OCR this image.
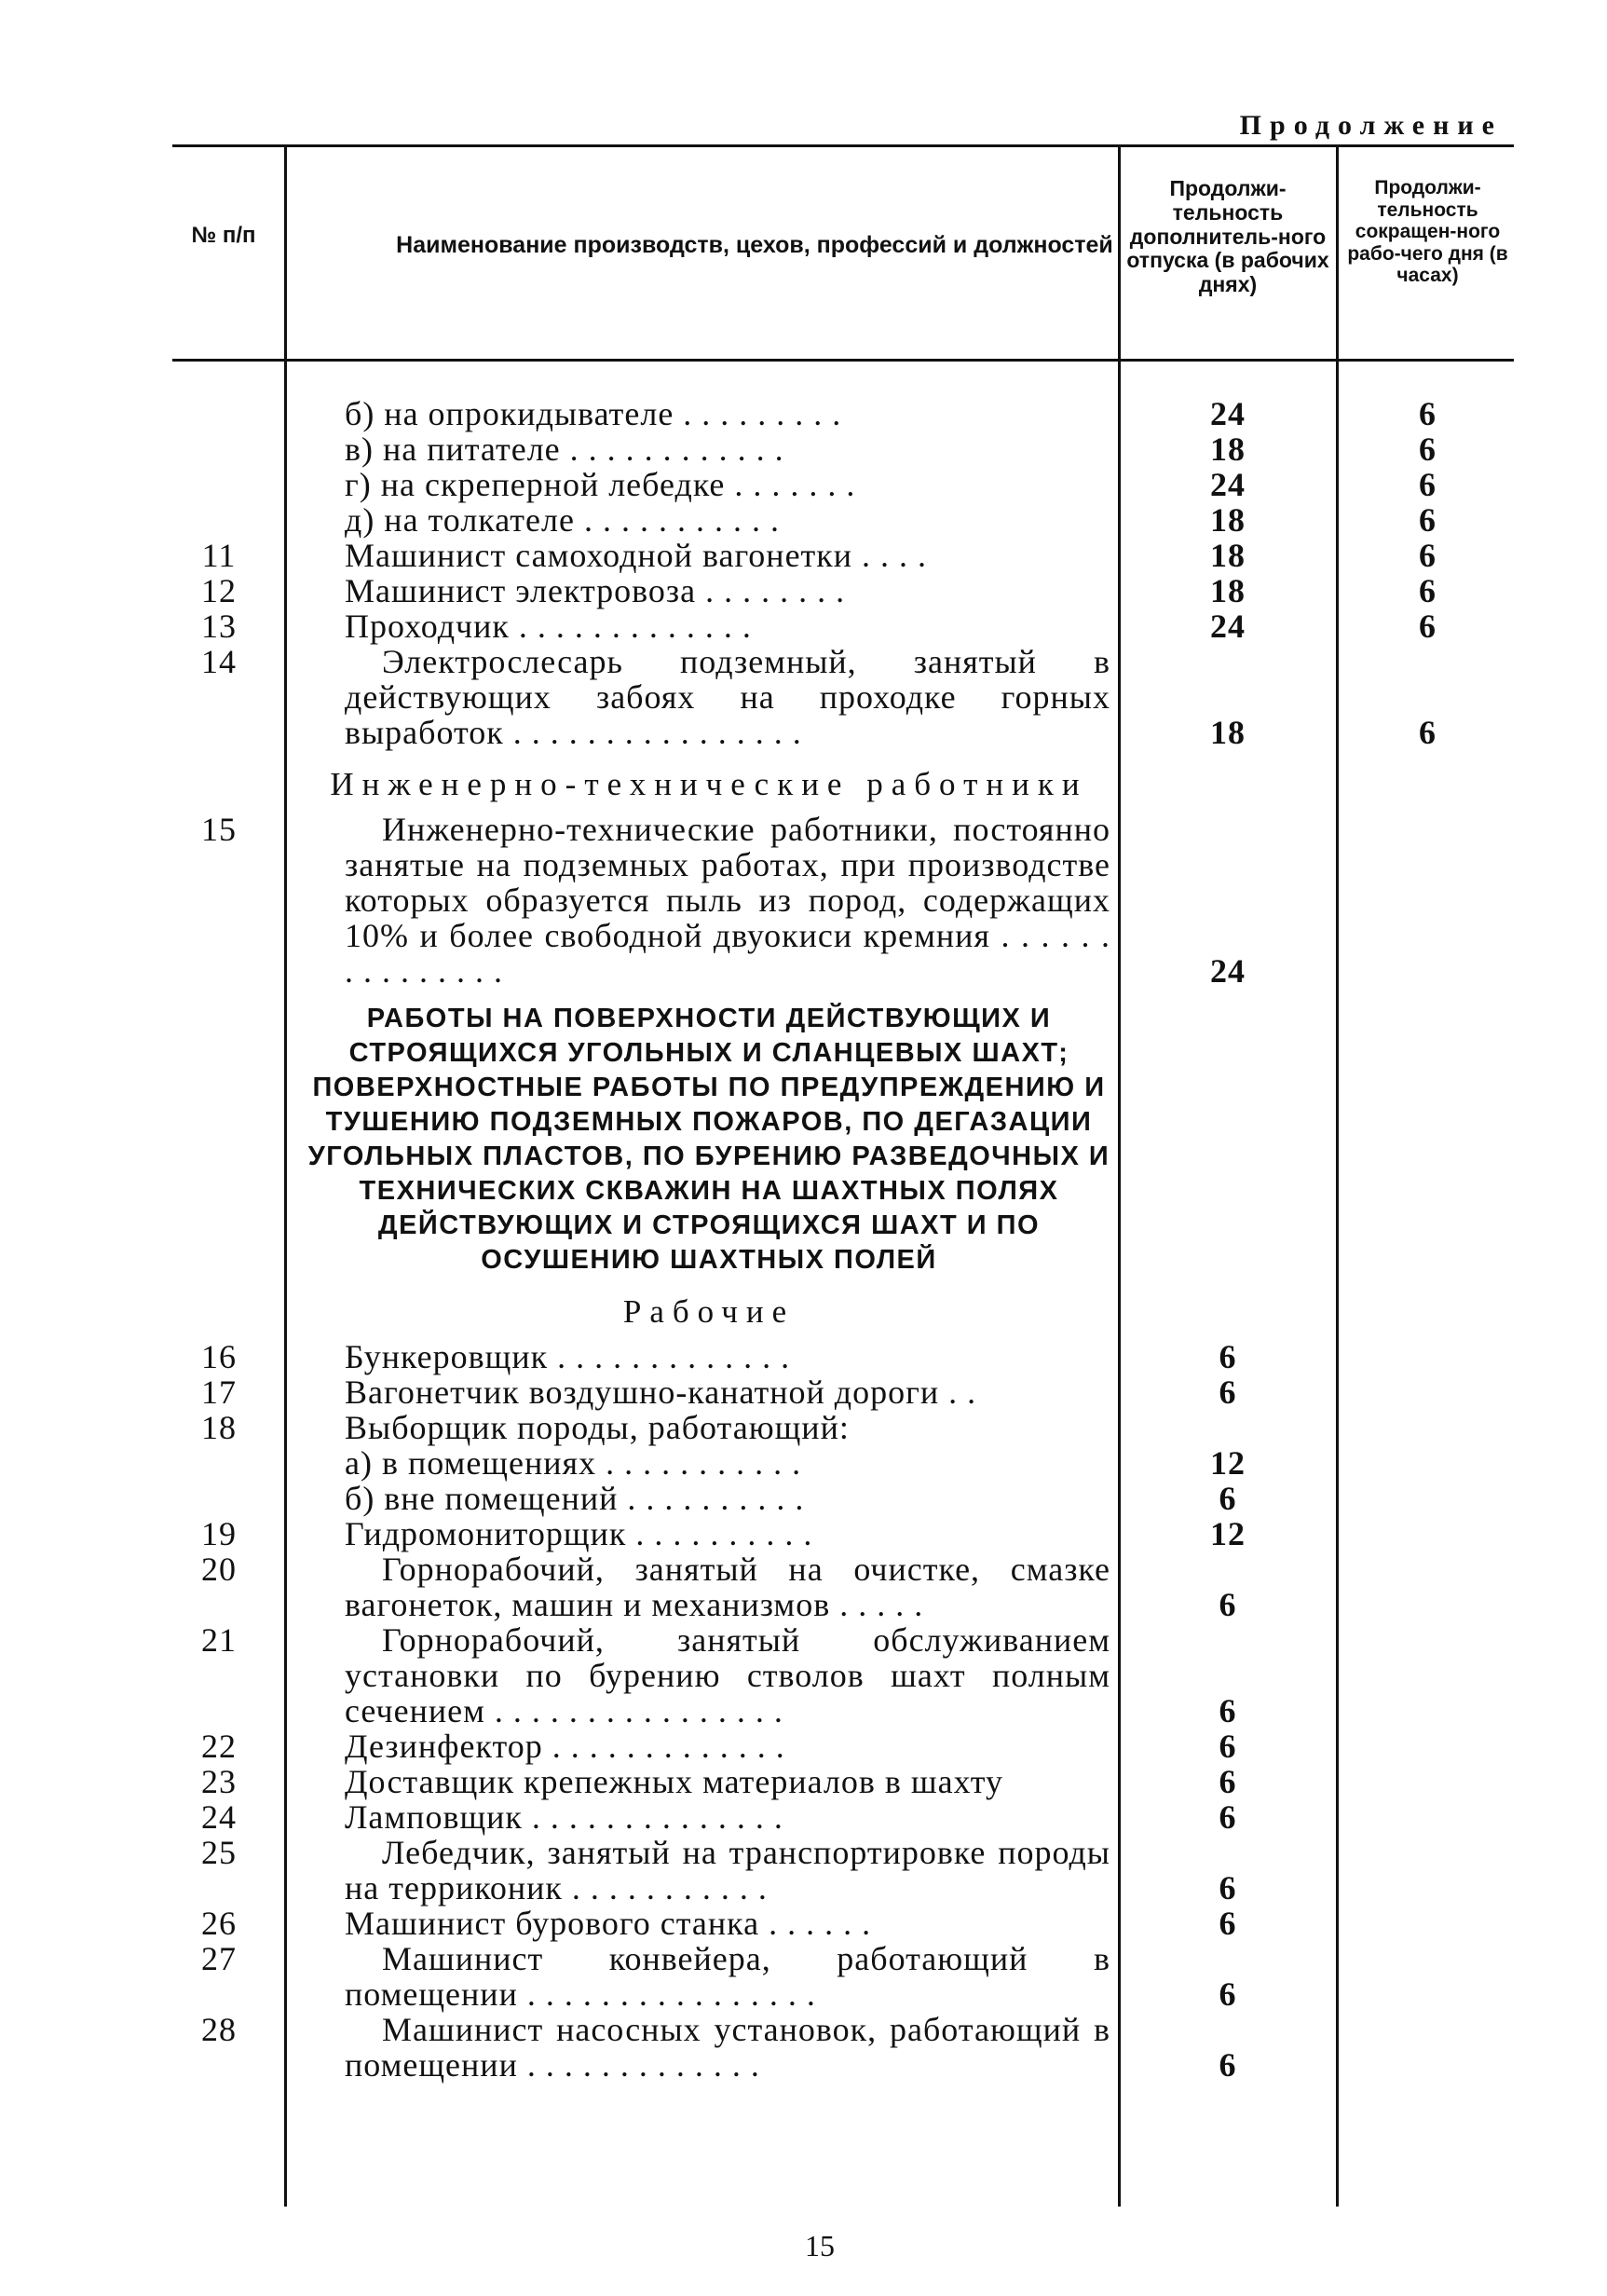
Продолжение
№ п/п	Наименование производств, цехов, профессий и должностей
Продолжи-тельность дополнитель-ного отпуска (в рабочих днях)
Продолжи-тельность сокращен-ного рабо-чего дня (в часах)
б) на опрокидывателе . . . . . . . . .	24	6
в) на питателе . . . . . . . . . . . .	18	6
г) на скреперной лебедке . . . . . . .	24	6
д) на толкателе . . . . . . . . . . .	18	6
11	Машинист самоходной вагонетки . . . .	18	6
12	Машинист электровоза . . . . . . . .	18	6
13	Проходчик . . . . . . . . . . . . .	24	6
14	Электрослесарь подземный, занятый в действующих забоях на проходке горных выработок . . . . . . . . . . . . . . . .	18	6
Инженерно-технические работники
15	Инженерно-технические работники, постоянно занятые на подземных работах, при производстве которых образуется пыль из пород, содержащих 10% и более свободной двуокиси кремния . . . . . . . . . . . . . . .	24
РАБОТЫ НА ПОВЕРХНОСТИ ДЕЙСТВУЮЩИХ И СТРОЯЩИХСЯ УГОЛЬНЫХ И СЛАНЦЕВЫХ ШАХТ; ПОВЕРХНОСТНЫЕ РАБОТЫ ПО ПРЕДУПРЕЖДЕНИЮ И ТУШЕНИЮ ПОДЗЕМНЫХ ПОЖАРОВ, ПО ДЕГАЗАЦИИ УГОЛЬНЫХ ПЛАСТОВ, ПО БУРЕНИЮ РАЗВЕДОЧНЫХ И ТЕХНИЧЕСКИХ СКВАЖИН НА ШАХТНЫХ ПОЛЯХ ДЕЙСТВУЮЩИХ И СТРОЯЩИХСЯ ШАХТ И ПО ОСУШЕНИЮ ШАХТНЫХ ПОЛЕЙ
Рабочие
16	Бункеровщик . . . . . . . . . . . . .	6
17	Вагонетчик воздушно-канатной дороги . .	6
18	Выборщик породы, работающий:
а) в помещениях . . . . . . . . . . .	12
б) вне помещений . . . . . . . . . .	6
19	Гидромониторщик . . . . . . . . . .	12
20	Горнорабочий, занятый на очистке, смазке вагонеток, машин и механизмов . . . . .	6
21	Горнорабочий, занятый обслуживанием установки по бурению стволов шахт полным сечением . . . . . . . . . . . . . . . .	6
22	Дезинфектор . . . . . . . . . . . . .	6
23	Доставщик крепежных материалов в шахту	6
24	Ламповщик . . . . . . . . . . . . . .	6
25	Лебедчик, занятый на транспортировке породы на терриконик . . . . . . . . . . .	6
26	Машинист бурового станка . . . . . .	6
27	Машинист конвейера, работающий в помещении . . . . . . . . . . . . . . . .	6
28	Машинист насосных установок, работающий в помещении . . . . . . . . . . . . .	6
15
